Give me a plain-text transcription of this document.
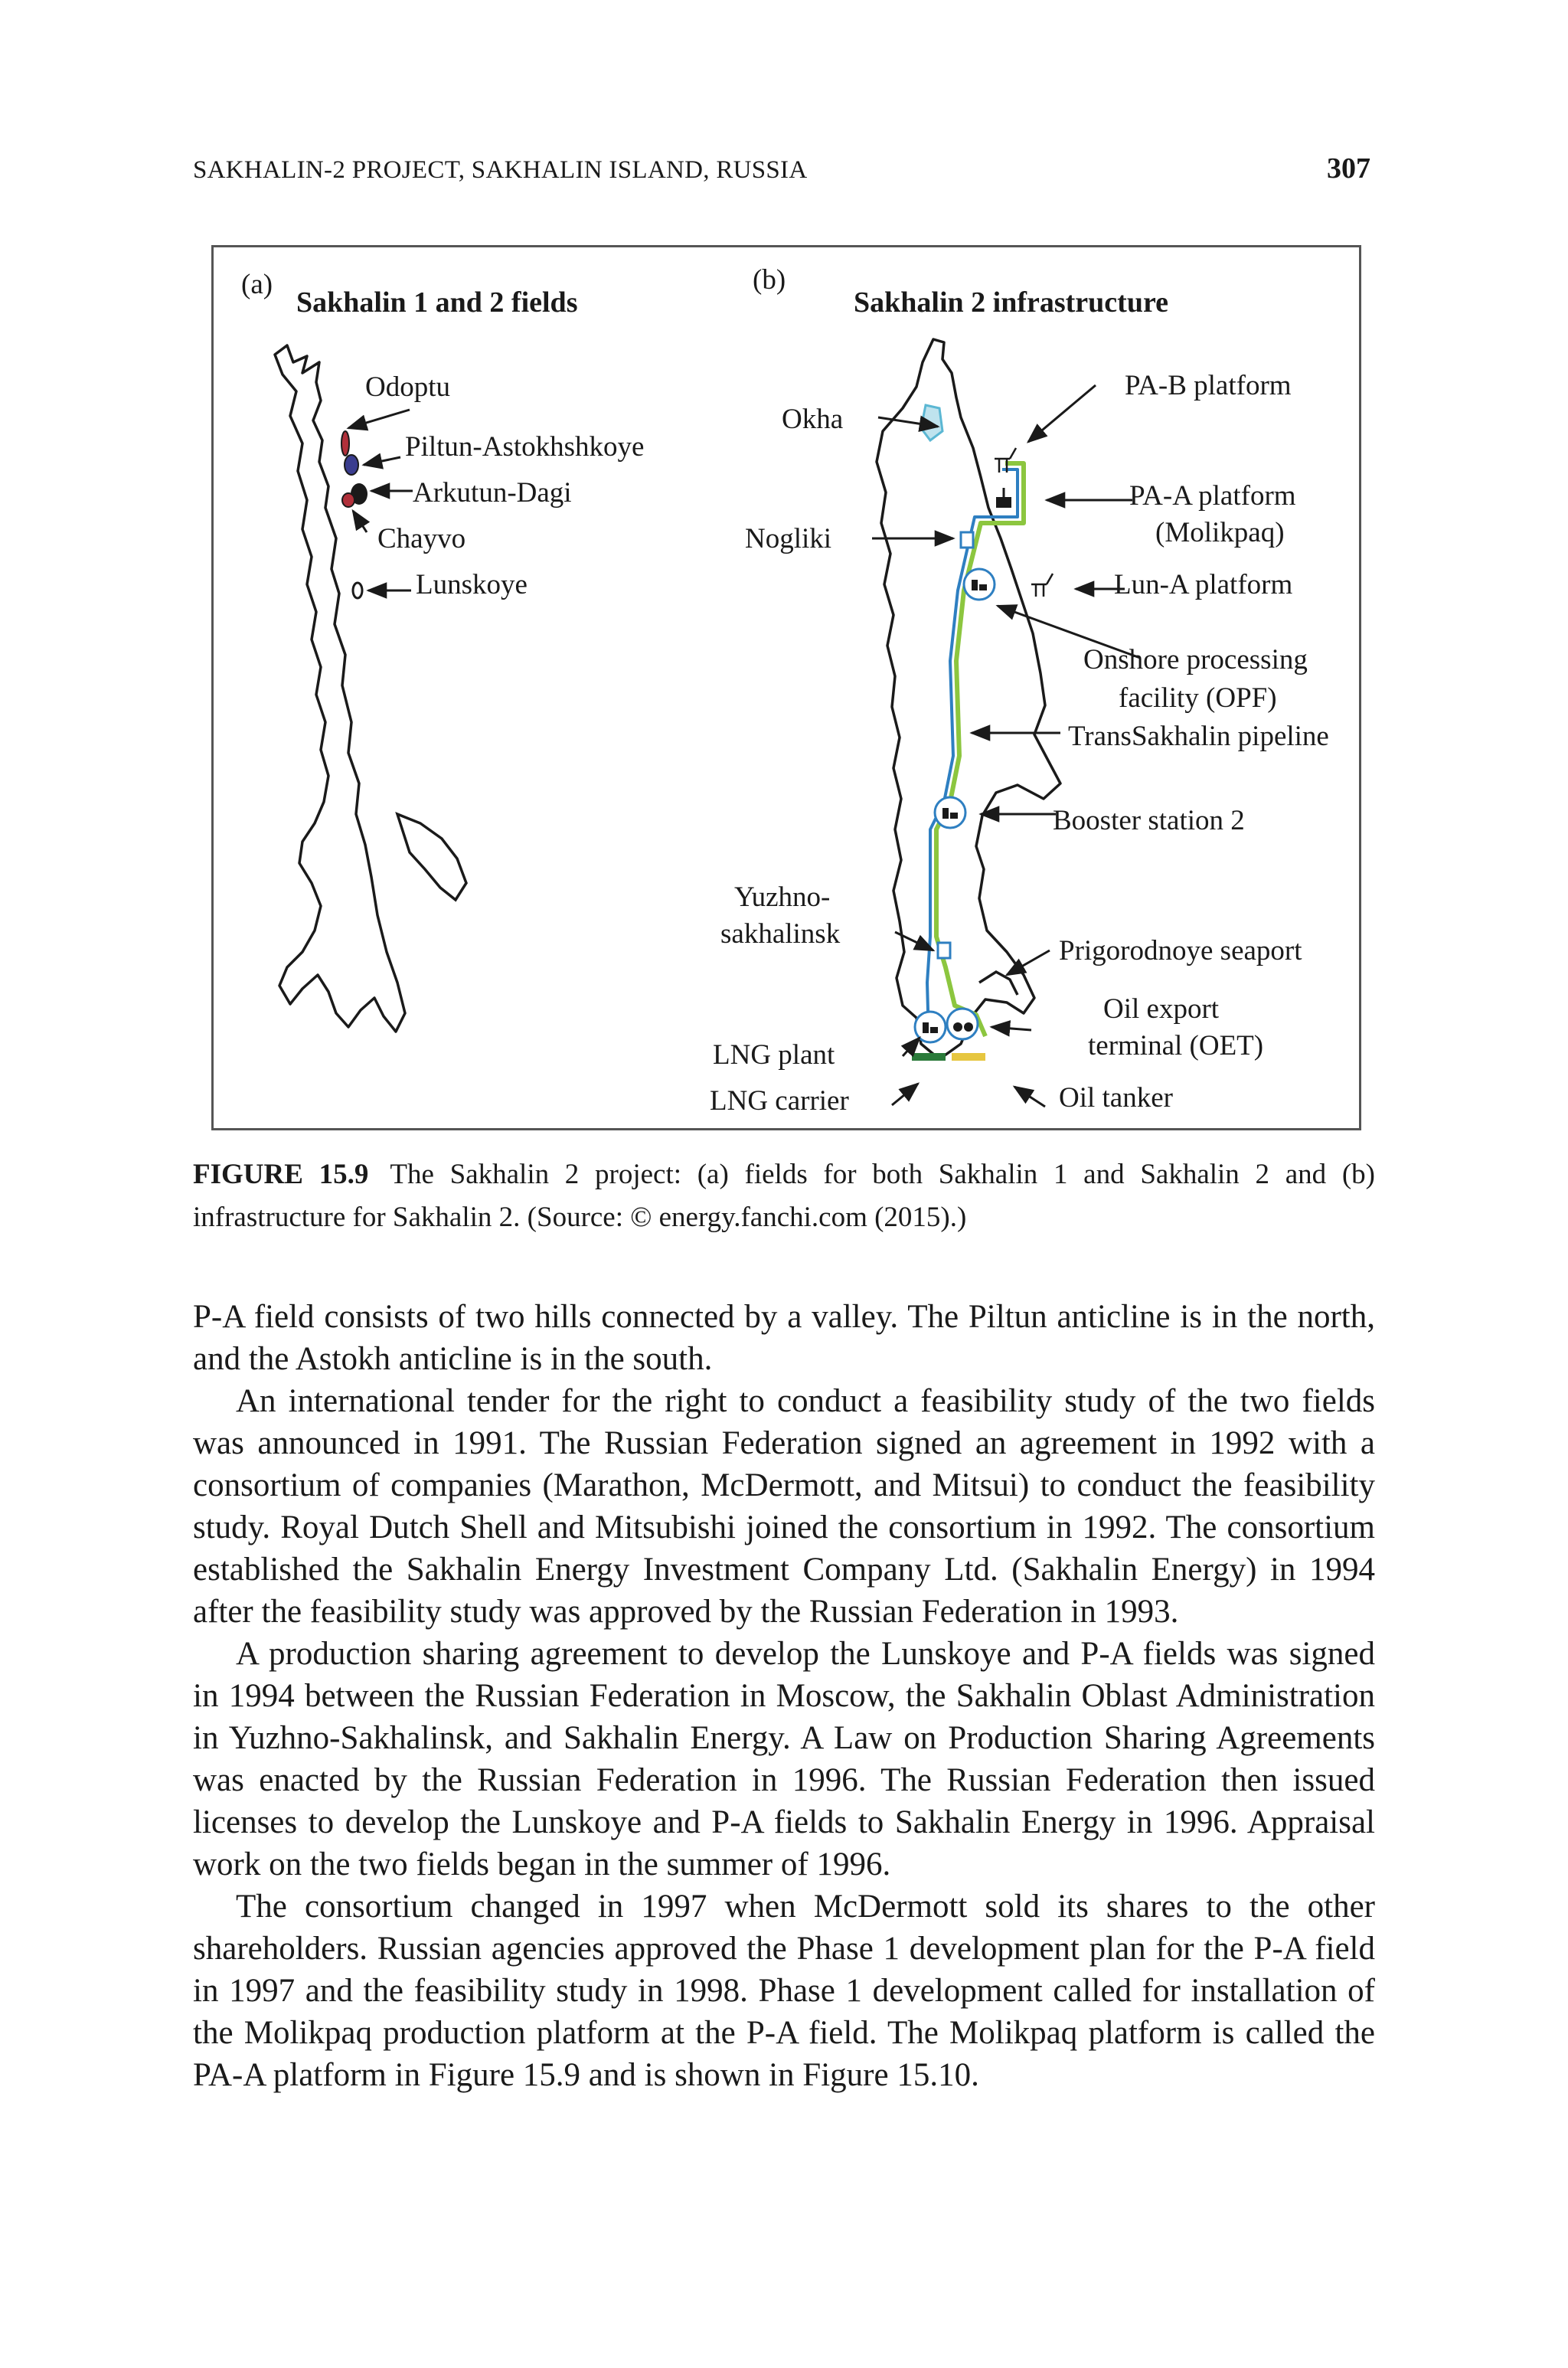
SAKHALIN-2 PROJECT, SAKHALIN ISLAND, RUSSIA	307
(a)
Sakhalin 1 and 2 fields
Odoptu
Piltun-Astokhshkoye
Arkutun-Dagi
Chayvo
Lunskoye
(b)
Sakhalin 2 infrastructure
PA-B platform
PA-A platform
(Molikpaq)
Lun-A platform
Onshore processing
facility (OPF)
TransSakhalin pipeline
Booster station 2
Okha
Nogliki
Yuzhno-
sakhalinsk
Prigorodnoye seaport
Oil export
terminal (OET)
LNG plant
LNG carrier	Oil tanker
FIGURE 15.9 The Sakhalin 2 project: (a) fields for both Sakhalin 1 and Sakhalin 2 and (b) infrastructure for Sakhalin 2. (Source: © energy.fanchi.com (2015).)

P-A field consists of two hills connected by a valley. The Piltun anticline is in the north, and the Astokh anticline is in the south.

An international tender for the right to conduct a feasibility study of the two fields was announced in 1991. The Russian Federation signed an agreement in 1992 with a consortium of companies (Marathon, McDermott, and Mitsui) to conduct the feasibility study. Royal Dutch Shell and Mitsubishi joined the consortium in 1992. The consortium established the Sakhalin Energy Investment Company Ltd. (Sakhalin Energy) in 1994 after the feasibility study was approved by the Russian Federation in 1993.

A production sharing agreement to develop the Lunskoye and P-A fields was signed in 1994 between the Russian Federation in Moscow, the Sakhalin Oblast Administration in Yuzhno-Sakhalinsk, and Sakhalin Energy. A Law on Production Sharing Agreements was enacted by the Russian Federation in 1996. The Russian Federation then issued licenses to develop the Lunskoye and P-A fields to Sakhalin Energy in 1996. Appraisal work on the two fields began in the summer of 1996.

The consortium changed in 1997 when McDermott sold its shares to the other shareholders. Russian agencies approved the Phase 1 development plan for the P-A field in 1997 and the feasibility study in 1998. Phase 1 development called for installation of the Molikpaq production platform at the P-A field. The Molikpaq platform is called the PA-A platform in Figure 15.9 and is shown in Figure 15.10.
